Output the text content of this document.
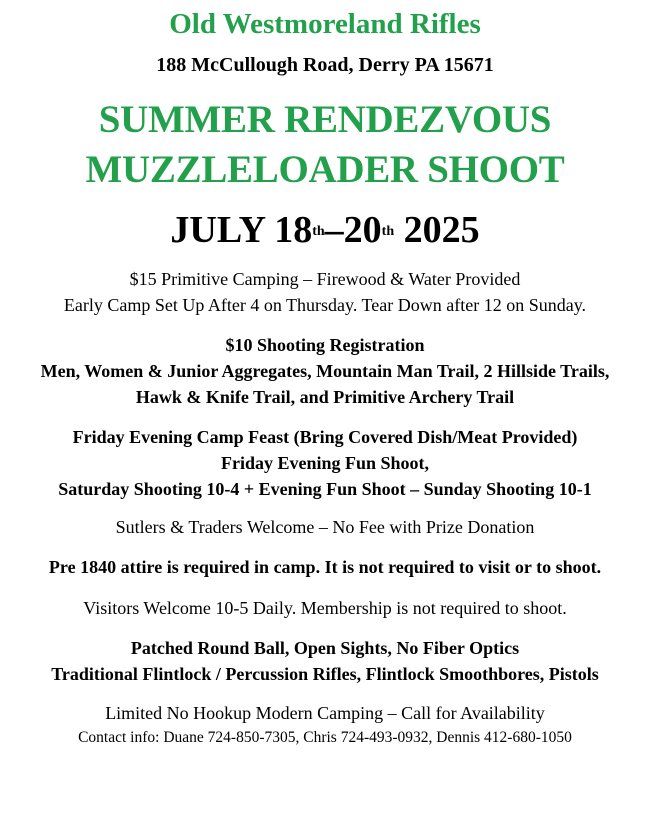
Old Westmoreland Rifles
188 McCullough Road, Derry PA 15671
SUMMER RENDEZVOUS
MUZZLELOADER SHOOT
JULY 18th–20th 2025
$15 Primitive Camping – Firewood & Water Provided
Early Camp Set Up After 4 on Thursday. Tear Down after 12 on Sunday.
$10 Shooting Registration
Men, Women & Junior Aggregates, Mountain Man Trail, 2 Hillside Trails,
Hawk & Knife Trail, and Primitive Archery Trail
Friday Evening Camp Feast (Bring Covered Dish/Meat Provided)
Friday Evening Fun Shoot,
Saturday Shooting 10-4 + Evening Fun Shoot – Sunday Shooting 10-1
Sutlers & Traders Welcome – No Fee with Prize Donation
Pre 1840 attire is required in camp. It is not required to visit or to shoot.
Visitors Welcome 10-5 Daily. Membership is not required to shoot.
Patched Round Ball, Open Sights, No Fiber Optics
Traditional Flintlock / Percussion Rifles, Flintlock Smoothbores, Pistols
Limited No Hookup Modern Camping – Call for Availability
Contact info: Duane 724-850-7305, Chris 724-493-0932, Dennis 412-680-1050
